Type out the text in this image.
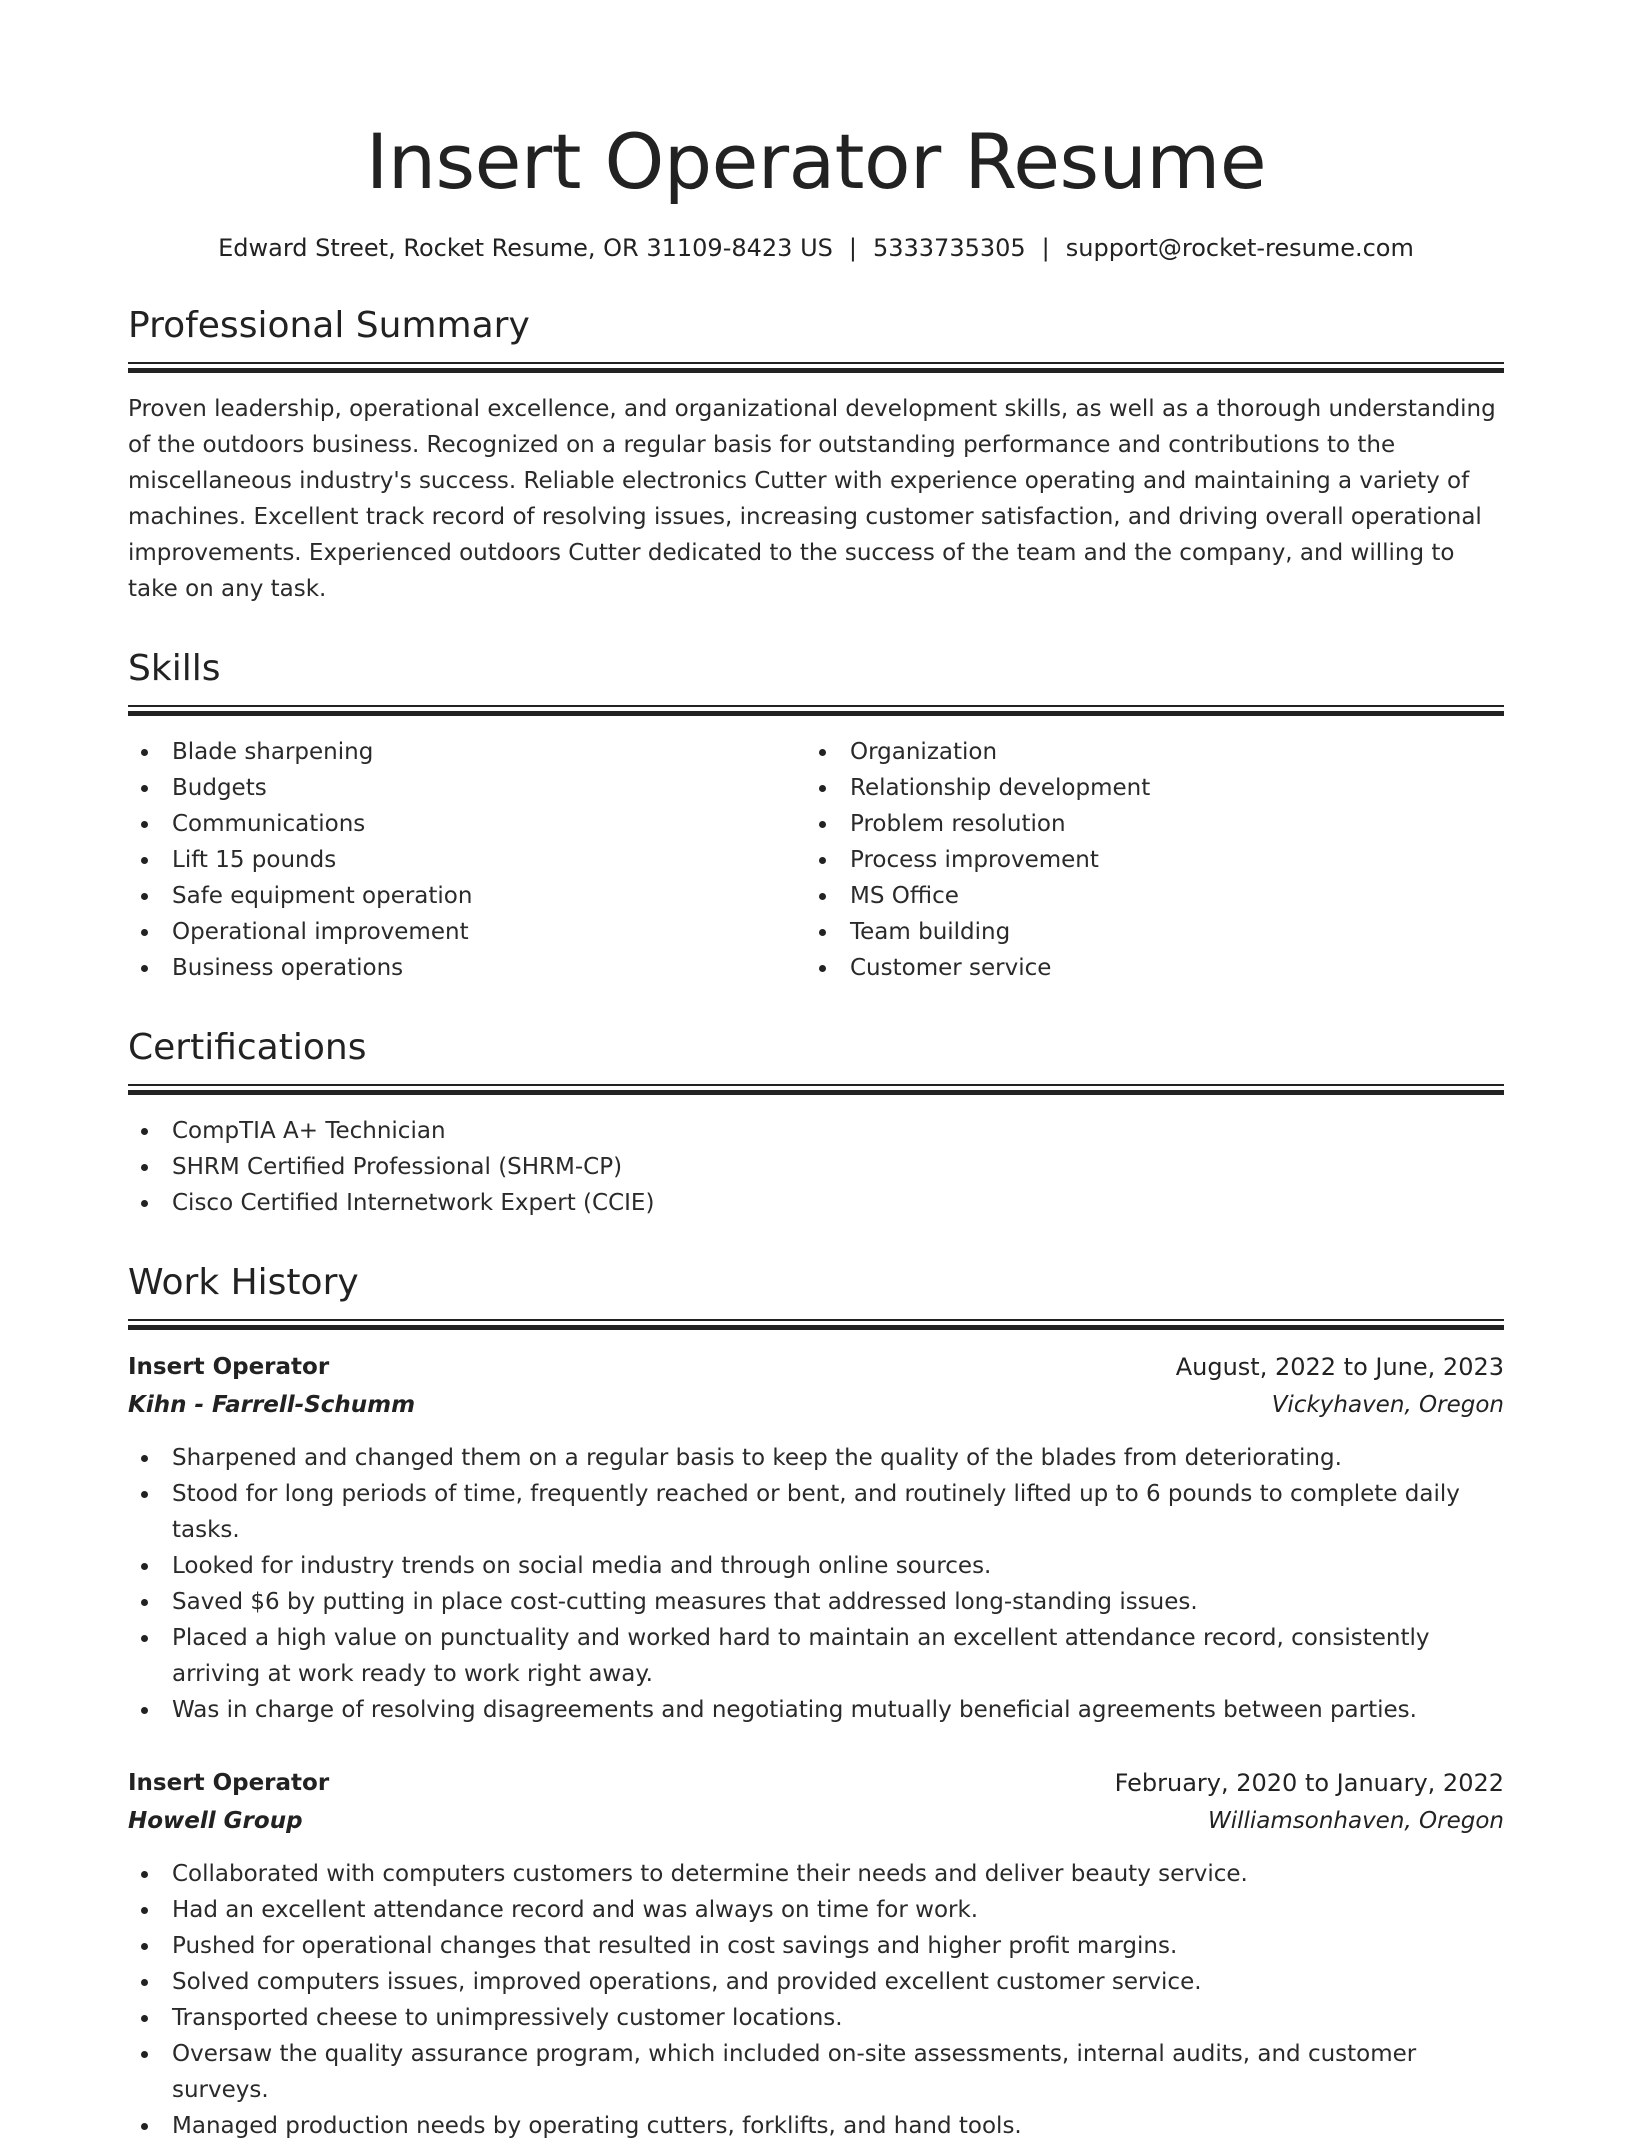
Insert Operator Resume
Edward Street, Rocket Resume, OR 31109-8423 US | 5333735305 | support@rocket-resume.com
Professional Summary

Proven leadership, operational excellence, and organizational development skills, as well as a thorough understanding of the outdoors business. Recognized on a regular basis for outstanding performance and contributions to the miscellaneous industry's success. Reliable electronics Cutter with experience operating and maintaining a variety of machines. Excellent track record of resolving issues, increasing customer satisfaction, and driving overall operational improvements. Experienced outdoors Cutter dedicated to the success of the team and the company, and willing to take on any task.

Skills
Blade sharpening
Budgets
Communications
Lift 15 pounds
Safe equipment operation
Operational improvement
Business operations
Organization
Relationship development
Problem resolution
Process improvement
MS Office
Team building
Customer service
Certifications
CompTIA A+ Technician
SHRM Certified Professional (SHRM-CP)
Cisco Certified Internetwork Expert (CCIE)
Work History
Insert Operator	August, 2022 to June, 2023
Kihn - Farrell-Schumm	Vickyhaven, Oregon
Sharpened and changed them on a regular basis to keep the quality of the blades from deteriorating.
Stood for long periods of time, frequently reached or bent, and routinely lifted up to 6 pounds to complete daily tasks.
Looked for industry trends on social media and through online sources.
Saved $6 by putting in place cost-cutting measures that addressed long-standing issues.
Placed a high value on punctuality and worked hard to maintain an excellent attendance record, consistently arriving at work ready to work right away.
Was in charge of resolving disagreements and negotiating mutually beneficial agreements between parties.
Insert Operator	February, 2020 to January, 2022
Howell Group	Williamsonhaven, Oregon
Collaborated with computers customers to determine their needs and deliver beauty service.
Had an excellent attendance record and was always on time for work.
Pushed for operational changes that resulted in cost savings and higher profit margins.
Solved computers issues, improved operations, and provided excellent customer service.
Transported cheese to unimpressively customer locations.
Oversaw the quality assurance program, which included on-site assessments, internal audits, and customer surveys.
Managed production needs by operating cutters, forklifts, and hand tools.
